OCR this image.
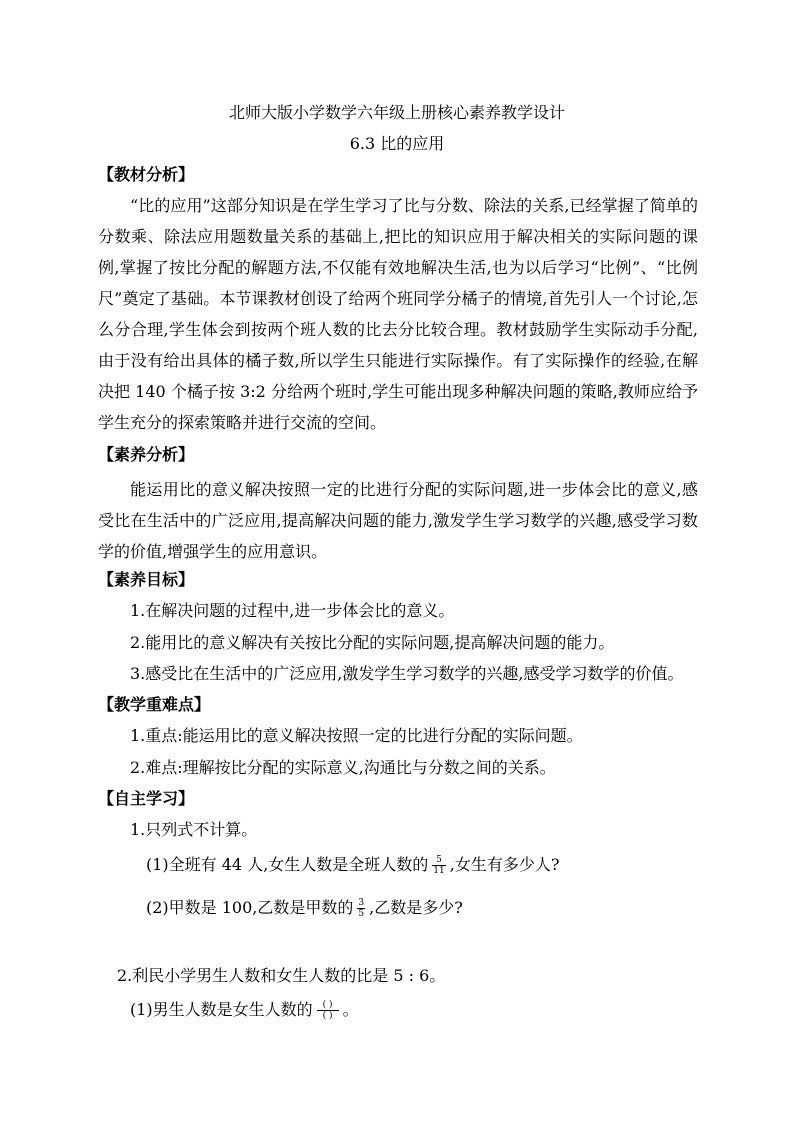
北师大版小学数学六年级上册核心素养教学设计
6.3 比的应用
【教材分析】
“比的应用”这部分知识是在学生学习了比与分数、除法的关系,已经掌握了简单的分数乘、除法应用题数量关系的基础上,把比的知识应用于解决相关的实际问题的课例,掌握了按比分配的解题方法,不仅能有效地解决生活,也为以后学习“比例”、“比例尺”奠定了基础。本节课教材创设了给两个班同学分橘子的情境,首先引人一个讨论,怎么分合理,学生体会到按两个班人数的比去分比较合理。教材鼓励学生实际动手分配,由于没有给出具体的橘子数,所以学生只能进行实际操作。有了实际操作的经验,在解决把 140 个橘子按 3:2 分给两个班时,学生可能出现多种解决问题的策略,教师应给予学生充分的探索策略并进行交流的空间。
【素养分析】
能运用比的意义解决按照一定的比进行分配的实际问题,进一步体会比的意义,感受比在生活中的广泛应用,提高解决问题的能力,激发学生学习数学的兴趣,感受学习数学的价值,增强学生的应用意识。
【素养目标】
1.在解决问题的过程中,进一步体会比的意义。
2.能用比的意义解决有关按比分配的实际问题,提高解决问题的能力。
3.感受比在生活中的广泛应用,激发学生学习数学的兴趣,感受学习数学的价值。
【教学重难点】
1.重点:能运用比的意义解决按照一定的比进行分配的实际问题。
2.难点:理解按比分配的实际意义,沟通比与分数之间的关系。
【自主学习】
1.只列式不计算。
(1)全班有 44 人,女生人数是全班人数的 $\frac{5}{11}$ ,女生有多少人?
(2)甲数是 100,乙数是甲数的 $\frac{3}{5}$ ,乙数是多少?
2.利民小学男生人数和女生人数的比是 5 : 6。
(1)男生人数是女生人数的 $\frac{( )}{( )}$ 。
